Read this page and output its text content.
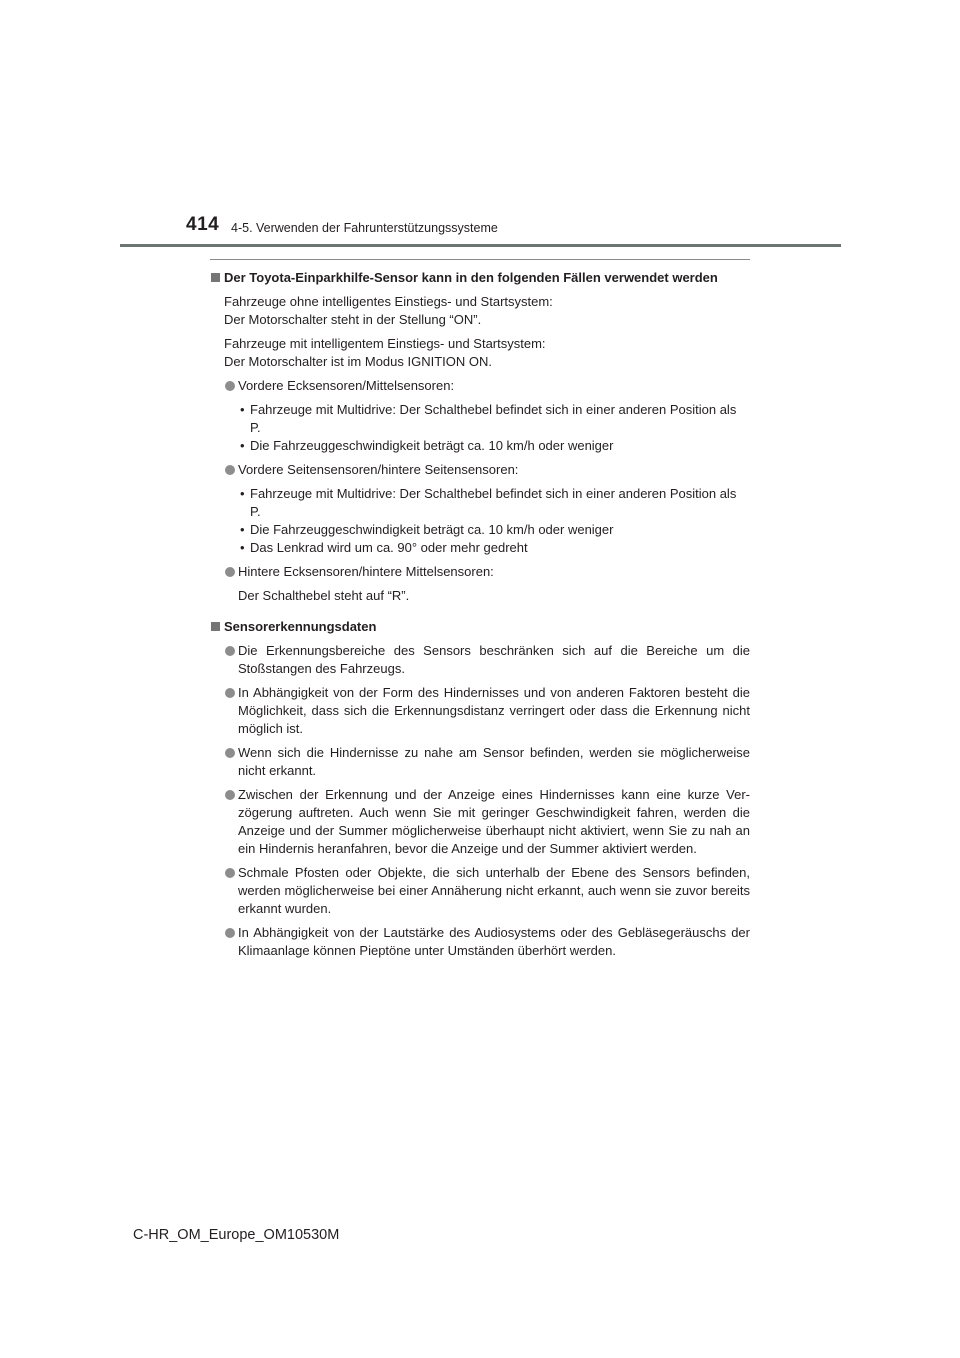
414 4-5. Verwenden der Fahrunterstützungssysteme
Der Toyota-Einparkhilfe-Sensor kann in den folgenden Fällen verwendet werden
Fahrzeuge ohne intelligentes Einstiegs- und Startsystem:
Der Motorschalter steht in der Stellung “ON”.
Fahrzeuge mit intelligentem Einstiegs- und Startsystem:
Der Motorschalter ist im Modus IGNITION ON.
Vordere Ecksensoren/Mittelsensoren:
• Fahrzeuge mit Multidrive: Der Schalthebel befindet sich in einer anderen Position als P.
• Die Fahrzeuggeschwindigkeit beträgt ca. 10 km/h oder weniger
Vordere Seitensensoren/hintere Seitensensoren:
• Fahrzeuge mit Multidrive: Der Schalthebel befindet sich in einer anderen Position als P.
• Die Fahrzeuggeschwindigkeit beträgt ca. 10 km/h oder weniger
• Das Lenkrad wird um ca. 90° oder mehr gedreht
Hintere Ecksensoren/hintere Mittelsensoren:
Der Schalthebel steht auf “R”.
Sensorerkennungsdaten
Die Erkennungsbereiche des Sensors beschränken sich auf die Bereiche um die Stoßstangen des Fahrzeugs.
In Abhängigkeit von der Form des Hindernisses und von anderen Faktoren besteht die Möglichkeit, dass sich die Erkennungsdistanz verringert oder dass die Erkennung nicht möglich ist.
Wenn sich die Hindernisse zu nahe am Sensor befinden, werden sie möglicherweise nicht erkannt.
Zwischen der Erkennung und der Anzeige eines Hindernisses kann eine kurze Ver-zögerung auftreten. Auch wenn Sie mit geringer Geschwindigkeit fahren, werden die Anzeige und der Summer möglicherweise überhaupt nicht aktiviert, wenn Sie zu nah an ein Hindernis heranfahren, bevor die Anzeige und der Summer aktiviert werden.
Schmale Pfosten oder Objekte, die sich unterhalb der Ebene des Sensors befinden, werden möglicherweise bei einer Annäherung nicht erkannt, auch wenn sie zuvor bereits erkannt wurden.
In Abhängigkeit von der Lautstärke des Audiosystems oder des Gebläsegeräuschs der Klimaanlage können Pieptöne unter Umständen überhört werden.
C-HR_OM_Europe_OM10530M
